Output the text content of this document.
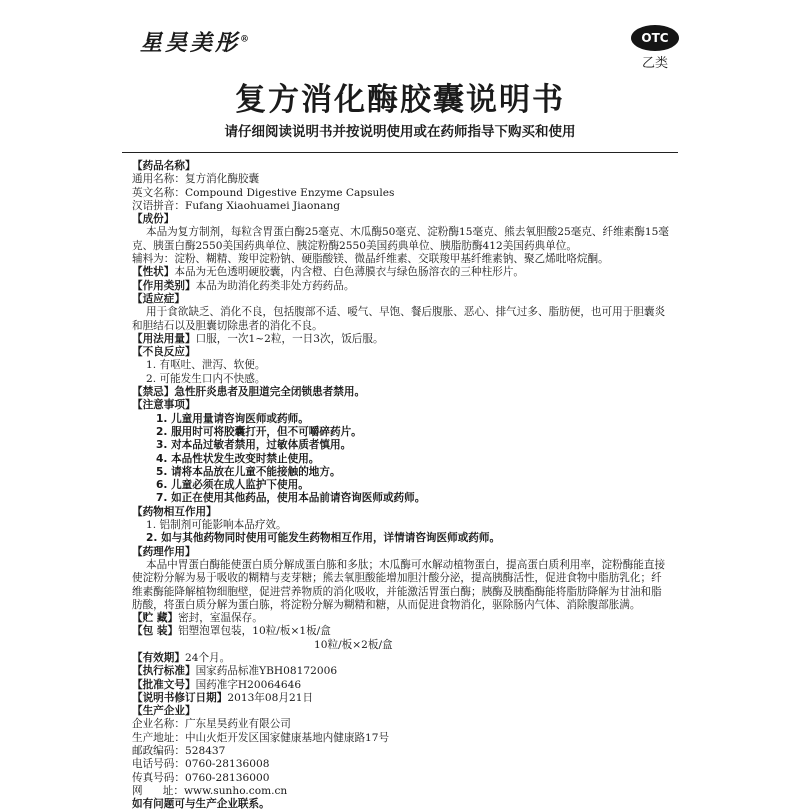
星昊美彤®	OTC
乙类
复方消化酶胶囊说明书
请仔细阅读说明书并按说明使用或在药师指导下购买和使用
【药品名称】
通用名称：复方消化酶胶囊
英文名称：Compound Digestive Enzyme Capsules
汉语拼音：Fufang Xiaohuamei Jiaonang
【成份】
本品为复方制剂，每粒含胃蛋白酶25毫克、木瓜酶50毫克、淀粉酶15毫克、熊去氧胆酸25毫克、纤维素酶15毫克、胰蛋白酶2550美国药典单位、胰淀粉酶2550美国药典单位、胰脂肪酶412美国药典单位。
辅料为：淀粉、糊精、羧甲淀粉钠、硬脂酸镁、微晶纤维素、交联羧甲基纤维素钠、聚乙烯吡咯烷酮。
【性状】本品为无色透明硬胶囊，内含橙、白色薄膜衣与绿色肠溶衣的三种柱形片。
【作用类别】本品为助消化药类非处方药药品。
【适应症】
用于食欲缺乏、消化不良，包括腹部不适、嗳气、早饱、餐后腹胀、恶心、排气过多、脂肪便，也可用于胆囊炎和胆结石以及胆囊切除患者的消化不良。
【用法用量】口服，一次1~2粒，一日3次，饭后服。
【不良反应】
1. 有呕吐、泄泻、软便。
2. 可能发生口内不快感。
【禁忌】急性肝炎患者及胆道完全闭锁患者禁用。
【注意事项】
1. 儿童用量请咨询医师或药师。
2. 服用时可将胶囊打开，但不可嚼碎药片。
3. 对本品过敏者禁用，过敏体质者慎用。
4. 本品性状发生改变时禁止使用。
5. 请将本品放在儿童不能接触的地方。
6. 儿童必须在成人监护下使用。
7. 如正在使用其他药品，使用本品前请咨询医师或药师。
【药物相互作用】
1. 铝制剂可能影响本品疗效。
2. 如与其他药物同时使用可能发生药物相互作用，详情请咨询医师或药师。
【药理作用】
本品中胃蛋白酶能使蛋白质分解成蛋白胨和多肽；木瓜酶可水解动植物蛋白，提高蛋白质利用率，淀粉酶能直接使淀粉分解为易于吸收的糊精与麦芽糖；熊去氧胆酸能增加胆汁酸分泌，提高胰酶活性，促进食物中脂肪乳化；纤维素酶能降解植物细胞壁，促进营养物质的消化吸收，并能激活胃蛋白酶；胰酶及胰酯酶能将脂肪降解为甘油和脂肪酸，将蛋白质分解为蛋白胨，将淀粉分解为糊精和糖，从而促进食物消化，驱除肠内气体、消除腹部胀满。
【贮 藏】密封，室温保存。
【包 装】铝塑泡罩包装，10粒/板×1板/盒
10粒/板×2板/盒
【有效期】24个月。
【执行标准】国家药品标准YBH08172006
【批准文号】国药准字H20064646
【说明书修订日期】2013年08月21日
【生产企业】
企业名称：广东星昊药业有限公司
生产地址：中山火炬开发区国家健康基地内健康路17号
邮政编码：528437
电话号码：0760-28136008
传真号码：0760-28136000
网      址：www.sunho.com.cn
如有问题可与生产企业联系。
